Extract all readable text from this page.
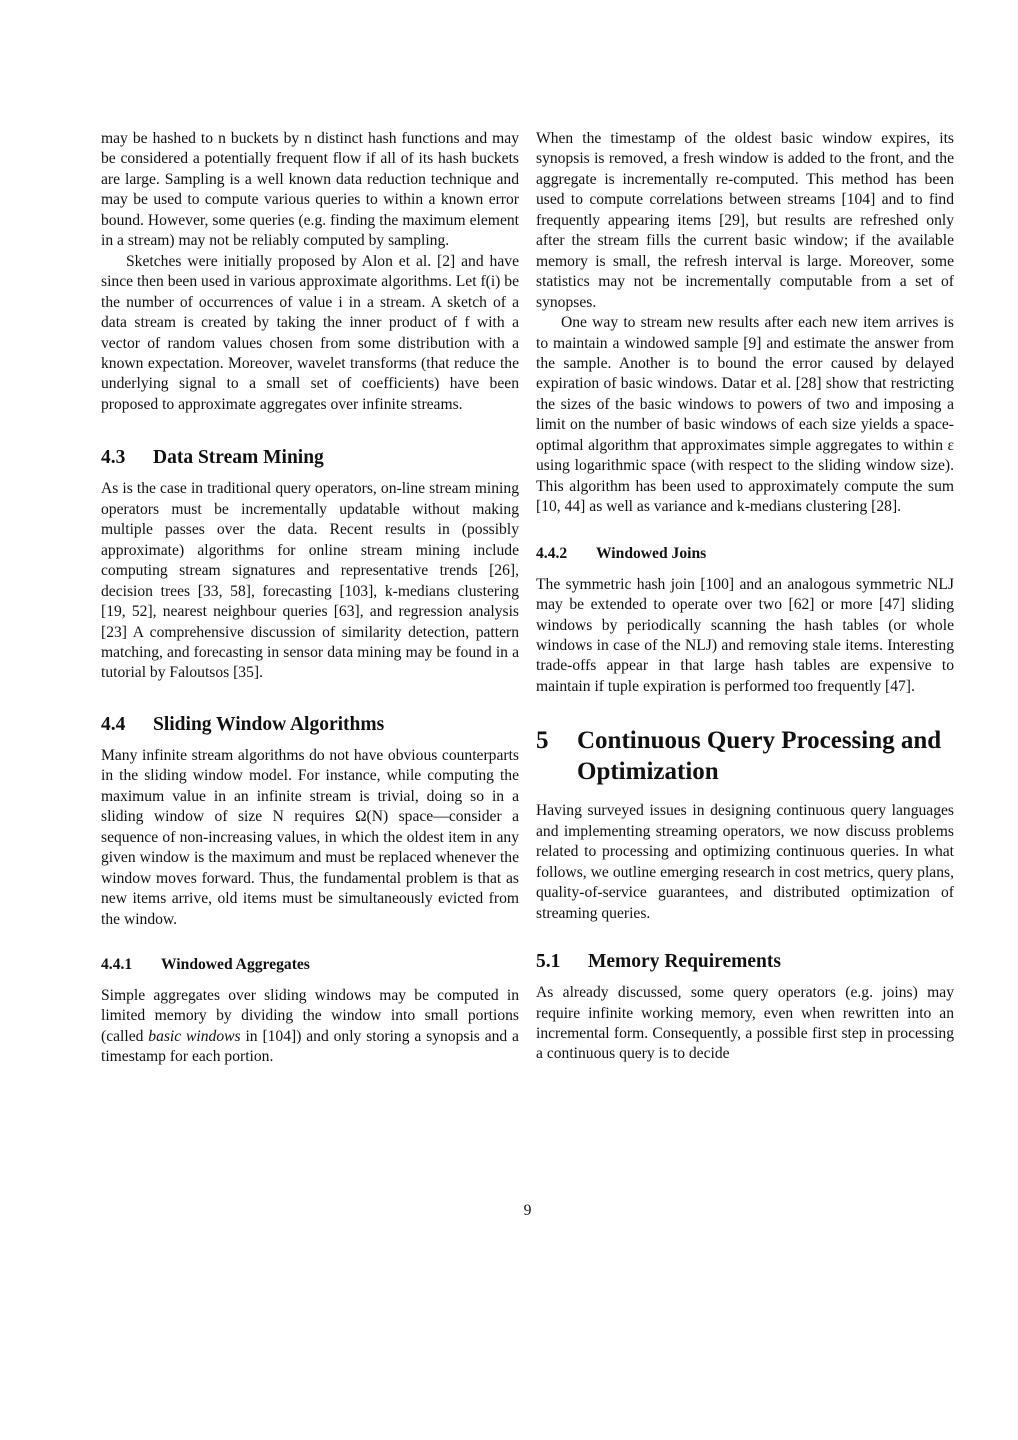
may be hashed to n buckets by n distinct hash functions and may be considered a potentially frequent flow if all of its hash buckets are large. Sampling is a well known data reduction technique and may be used to compute various queries to within a known error bound. However, some queries (e.g. finding the maximum element in a stream) may not be reliably computed by sampling.

Sketches were initially proposed by Alon et al. [2] and have since then been used in various approximate algorithms. Let f(i) be the number of occurrences of value i in a stream. A sketch of a data stream is created by taking the inner product of f with a vector of random values chosen from some distribution with a known expectation. Moreover, wavelet transforms (that reduce the underlying signal to a small set of coefficients) have been proposed to approximate aggregates over infinite streams.

4.3	Data Stream Mining

As is the case in traditional query operators, on-line stream mining operators must be incrementally updatable without making multiple passes over the data. Recent results in (possibly approximate) algorithms for online stream mining include computing stream signatures and representative trends [26], decision trees [33, 58], forecasting [103], k-medians clustering [19, 52], nearest neighbour queries [63], and regression analysis [23] A comprehensive discussion of similarity detection, pattern matching, and forecasting in sensor data mining may be found in a tutorial by Faloutsos [35].

4.4	Sliding Window Algorithms

Many infinite stream algorithms do not have obvious counterparts in the sliding window model. For instance, while computing the maximum value in an infinite stream is trivial, doing so in a sliding window of size N requires Ω(N) space—consider a sequence of non-increasing values, in which the oldest item in any given window is the maximum and must be replaced whenever the window moves forward. Thus, the fundamental problem is that as new items arrive, old items must be simultaneously evicted from the window.

4.4.1	Windowed Aggregates

Simple aggregates over sliding windows may be computed in limited memory by dividing the window into small portions (called basic windows in [104]) and only storing a synopsis and a timestamp for each portion.

When the timestamp of the oldest basic window expires, its synopsis is removed, a fresh window is added to the front, and the aggregate is incrementally re-computed. This method has been used to compute correlations between streams [104] and to find frequently appearing items [29], but results are refreshed only after the stream fills the current basic window; if the available memory is small, the refresh interval is large. Moreover, some statistics may not be incrementally computable from a set of synopses.

One way to stream new results after each new item arrives is to maintain a windowed sample [9] and estimate the answer from the sample. Another is to bound the error caused by delayed expiration of basic windows. Datar et al. [28] show that restricting the sizes of the basic windows to powers of two and imposing a limit on the number of basic windows of each size yields a space-optimal algorithm that approximates simple aggregates to within ε using logarithmic space (with respect to the sliding window size). This algorithm has been used to approximately compute the sum [10, 44] as well as variance and k-medians clustering [28].

4.4.2	Windowed Joins

The symmetric hash join [100] and an analogous symmetric NLJ may be extended to operate over two [62] or more [47] sliding windows by periodically scanning the hash tables (or whole windows in case of the NLJ) and removing stale items. Interesting trade-offs appear in that large hash tables are expensive to maintain if tuple expiration is performed too frequently [47].

5	Continuous Query Processing and Optimization

Having surveyed issues in designing continuous query languages and implementing streaming operators, we now discuss problems related to processing and optimizing continuous queries. In what follows, we outline emerging research in cost metrics, query plans, quality-of-service guarantees, and distributed optimization of streaming queries.

5.1	Memory Requirements

As already discussed, some query operators (e.g. joins) may require infinite working memory, even when rewritten into an incremental form. Consequently, a possible first step in processing a continuous query is to decide

9
